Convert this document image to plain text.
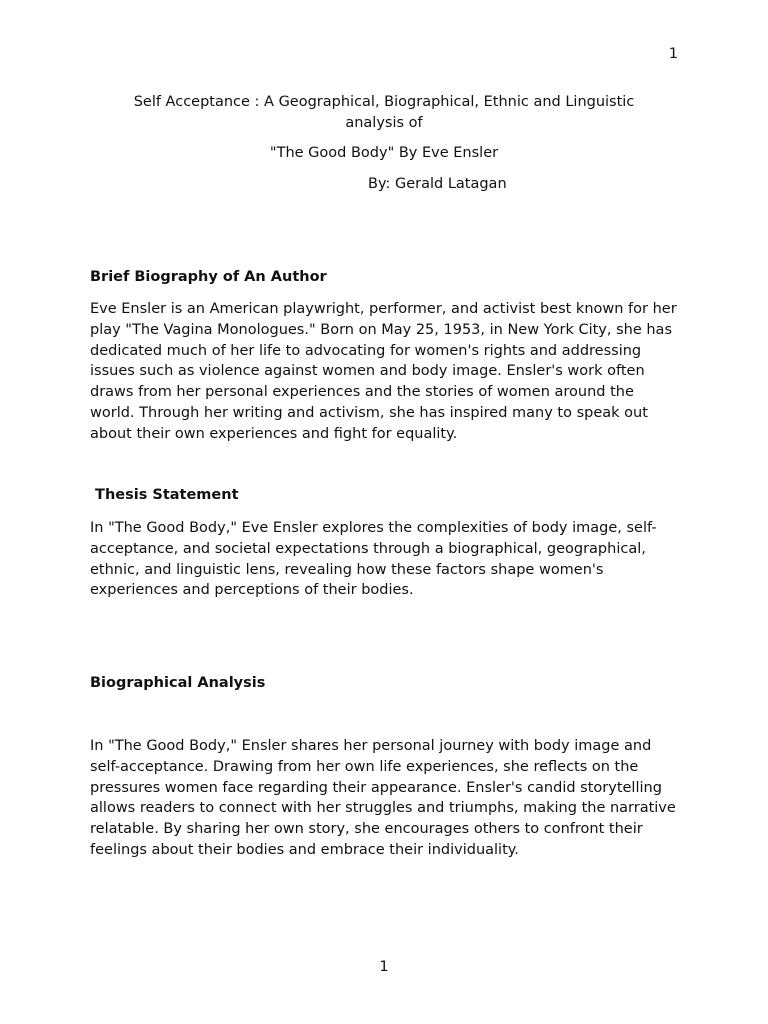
1
Self Acceptance : A Geographical, Biographical, Ethnic and Linguistic analysis of
"The Good Body" By Eve Ensler
By: Gerald Latagan
Brief Biography of An Author
Eve Ensler is an American playwright, performer, and activist best known for her play "The Vagina Monologues." Born on May 25, 1953, in New York City, she has dedicated much of her life to advocating for women's rights and addressing issues such as violence against women and body image. Ensler's work often draws from her personal experiences and the stories of women around the world. Through her writing and activism, she has inspired many to speak out about their own experiences and fight for equality.
Thesis Statement
In "The Good Body," Eve Ensler explores the complexities of body image, self-acceptance, and societal expectations through a biographical, geographical, ethnic, and linguistic lens, revealing how these factors shape women's experiences and perceptions of their bodies.
Biographical Analysis
In "The Good Body," Ensler shares her personal journey with body image and self-acceptance. Drawing from her own life experiences, she reflects on the pressures women face regarding their appearance. Ensler's candid storytelling allows readers to connect with her struggles and triumphs, making the narrative relatable. By sharing her own story, she encourages others to confront their feelings about their bodies and embrace their individuality.
1
